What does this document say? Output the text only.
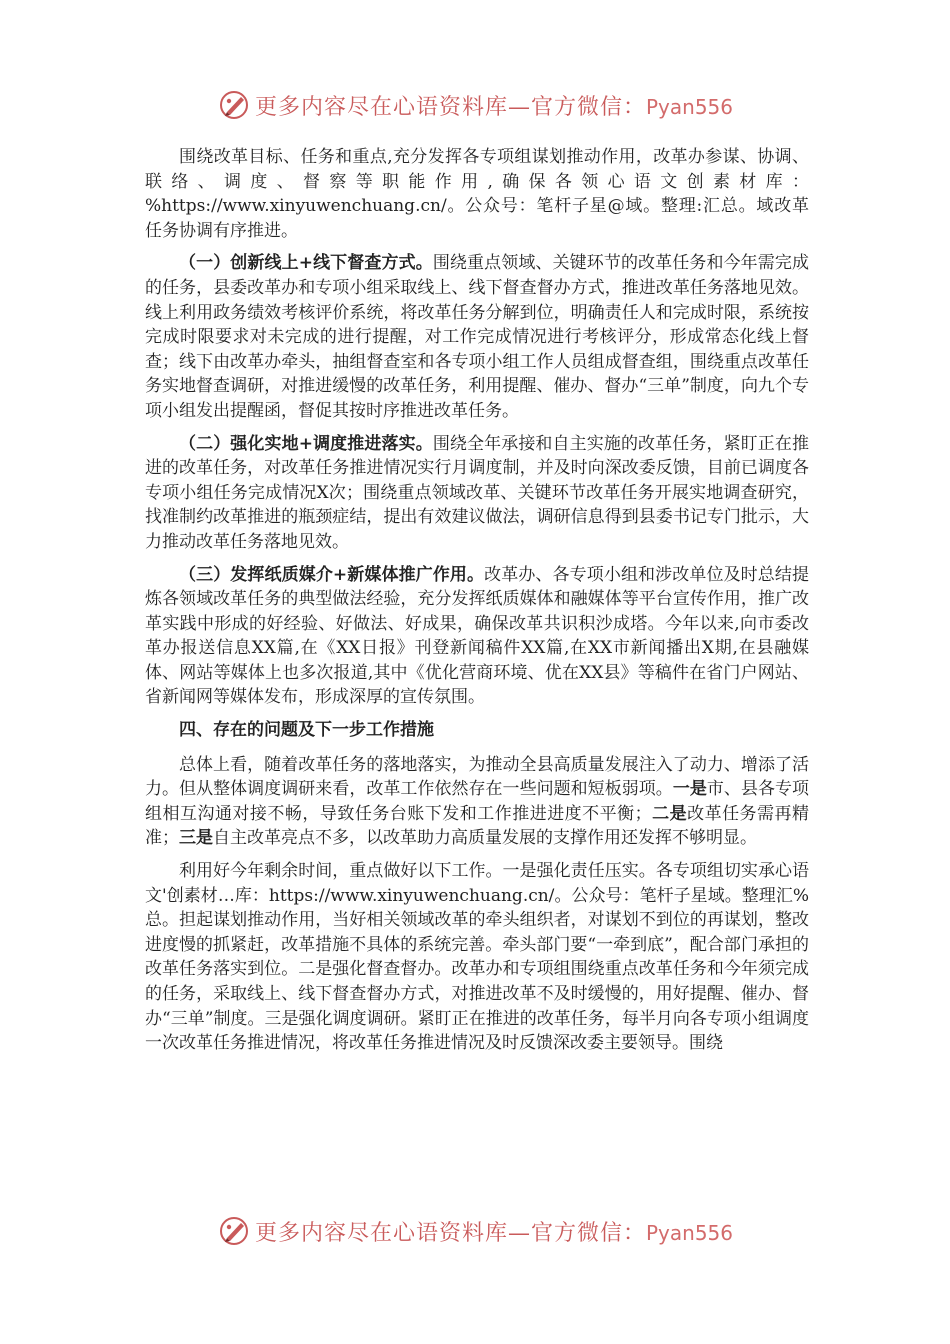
更多内容尽在心语资料库—官方微信：Pyan556

围绕改革目标、任务和重点,充分发挥各专项组谋划推动作用，改革办参谋、协调、联络、调度、督察等职能作用,确保各领心语文创素材库：%https://www.xinyuwenchuang.cn/。公众号：笔杆子星@域。整理:汇总。域改革任务协调有序推进。

（一）创新线上+线下督查方式。围绕重点领域、关键环节的改革任务和今年需完成的任务，县委改革办和专项小组采取线上、线下督查督办方式，推进改革任务落地见效。线上利用政务绩效考核评价系统，将改革任务分解到位，明确责任人和完成时限，系统按完成时限要求对未完成的进行提醒，对工作完成情况进行考核评分，形成常态化线上督查；线下由改革办牵头，抽组督查室和各专项小组工作人员组成督查组，围绕重点改革任务实地督查调研，对推进缓慢的改革任务，利用提醒、催办、督办“三单”制度，向九个专项小组发出提醒函，督促其按时序推进改革任务。

（二）强化实地+调度推进落实。围绕全年承接和自主实施的改革任务，紧盯正在推进的改革任务，对改革任务推进情况实行月调度制，并及时向深改委反馈，目前已调度各专项小组任务完成情况X次；围绕重点领域改革、关键环节改革任务开展实地调查研究，找准制约改革推进的瓶颈症结，提出有效建议做法，调研信息得到县委书记专门批示，大力推动改革任务落地见效。

（三）发挥纸质媒介+新媒体推广作用。改革办、各专项小组和涉改单位及时总结提炼各领域改革任务的典型做法经验，充分发挥纸质媒体和融媒体等平台宣传作用，推广改革实践中形成的好经验、好做法、好成果，确保改革共识积沙成塔。今年以来,向市委改革办报送信息XX篇,在《XX日报》刊登新闻稿件XX篇,在XX市新闻播出X期,在县融媒体、网站等媒体上也多次报道,其中《优化营商环境、优在XX县》等稿件在省门户网站、省新闻网等媒体发布，形成深厚的宣传氛围。

四、存在的问题及下一步工作措施

总体上看，随着改革任务的落地落实，为推动全县高质量发展注入了动力、增添了活力。但从整体调度调研来看，改革工作依然存在一些问题和短板弱项。一是市、县各专项组相互沟通对接不畅，导致任务台账下发和工作推进进度不平衡；二是改革任务需再精准；三是自主改革亮点不多，以改革助力高质量发展的支撑作用还发挥不够明显。

利用好今年剩余时间，重点做好以下工作。一是强化责任压实。各专项组切实承心语文'创素材…库：https://www.xinyuwenchuang.cn/。公众号：笔杆子星域。整理汇%总。担起谋划推动作用，当好相关领域改革的牵头组织者，对谋划不到位的再谋划，整改进度慢的抓紧赶，改革措施不具体的系统完善。牵头部门要“一牵到底”，配合部门承担的改革任务落实到位。二是强化督查督办。改革办和专项组围绕重点改革任务和今年须完成的任务，采取线上、线下督查督办方式，对推进改革不及时缓慢的，用好提醒、催办、督办“三单”制度。三是强化调度调研。紧盯正在推进的改革任务，每半月向各专项小组调度一次改革任务推进情况，将改革任务推进情况及时反馈深改委主要领导。围绕

更多内容尽在心语资料库—官方微信：Pyan556
